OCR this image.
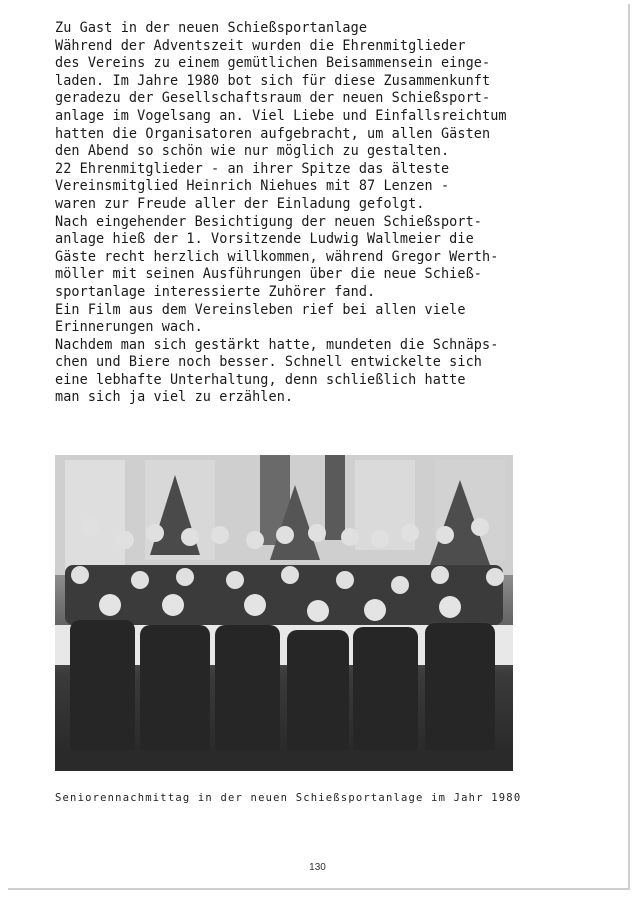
Zu Gast in der neuen Schießsportanlage
Während der Adventszeit wurden die Ehrenmitglieder
des Vereins zu einem gemütlichen Beisammensein einge-
laden. Im Jahre 1980 bot sich für diese Zusammenkunft
geradezu der Gesellschaftsraum der neuen Schießsport-
anlage im Vogelsang an. Viel Liebe und Einfallsreichtum
hatten die Organisatoren aufgebracht, um allen Gästen
den Abend so schön wie nur möglich zu gestalten.
22 Ehrenmitglieder - an ihrer Spitze das älteste
Vereinsmitglied Heinrich Niehues mit 87 Lenzen -
waren zur Freude aller der Einladung gefolgt.
Nach eingehender Besichtigung der neuen Schießsport-
anlage hieß der 1. Vorsitzende Ludwig Wallmeier die
Gäste recht herzlich willkommen, während Gregor Werth-
möller mit seinen Ausführungen über die neue Schieß-
sportanlage interessierte Zuhörer fand.
Ein Film aus dem Vereinsleben rief bei allen viele
Erinnerungen wach.
Nachdem man sich gestärkt hatte, mundeten die Schnäps-
chen und Biere noch besser. Schnell entwickelte sich
eine lebhafte Unterhaltung, denn schließlich hatte
man sich ja viel zu erzählen.
Seniorennachmittag in der neuen Schießsportanlage im Jahr 1980
130
